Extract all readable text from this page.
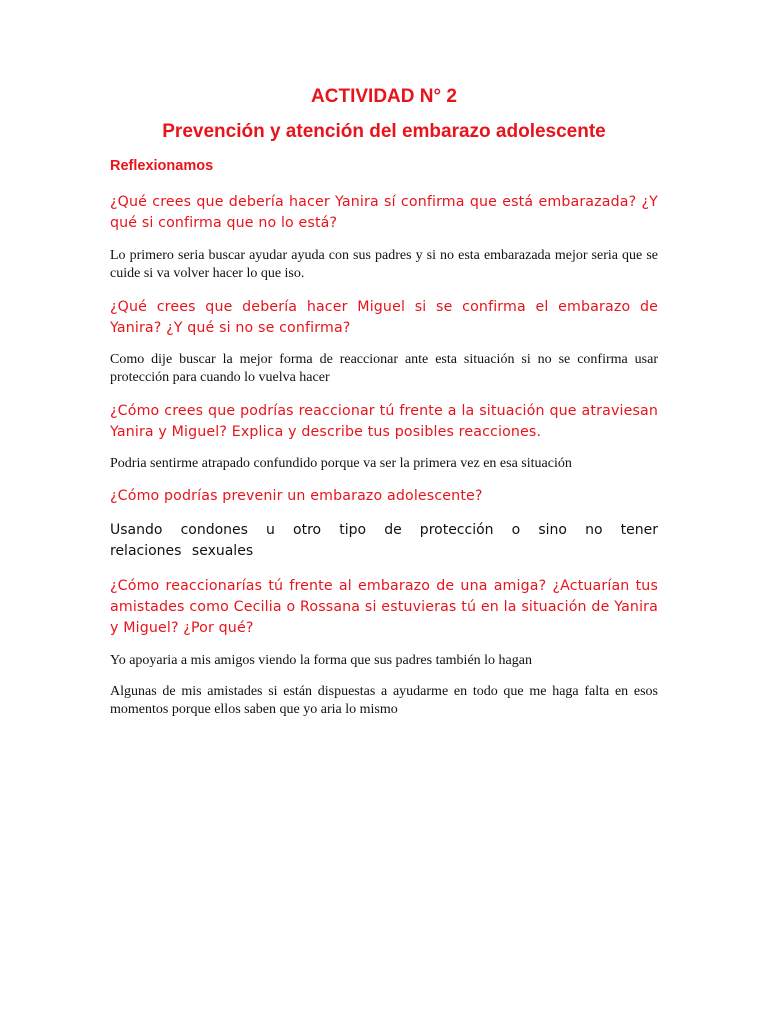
ACTIVIDAD N° 2
Prevención y atención del embarazo adolescente
Reflexionamos

¿Qué crees que debería hacer Yanira sí confirma que está embarazada? ¿Y qué si confirma que no lo está?

Lo primero seria buscar ayudar ayuda con sus padres y si no esta embarazada mejor seria que se cuide si va volver hacer lo que iso.

¿Qué crees que debería hacer Miguel si se confirma el embarazo de Yanira? ¿Y qué si no se confirma?

Como dije buscar la mejor forma de reaccionar ante esta situación si no se confirma usar protección para cuando lo vuelva hacer

¿Cómo crees que podrías reaccionar tú frente a la situación que atraviesan Yanira y Miguel? Explica y describe tus posibles reacciones.

Podria sentirme atrapado confundido porque va ser la primera vez en esa situación

¿Cómo podrías prevenir un embarazo adolescente?

Usando condones u otro tipo de protección o sino no tener relaciones sexuales

¿Cómo reaccionarías tú frente al embarazo de una amiga? ¿Actuarían tus amistades como Cecilia o Rossana si estuvieras tú en la situación de Yanira y Miguel? ¿Por qué?

Yo apoyaria a mis amigos viendo la forma que sus padres también lo hagan

Algunas de mis amistades si están dispuestas a ayudarme en todo que me haga falta en esos momentos porque ellos saben que yo aria lo mismo
